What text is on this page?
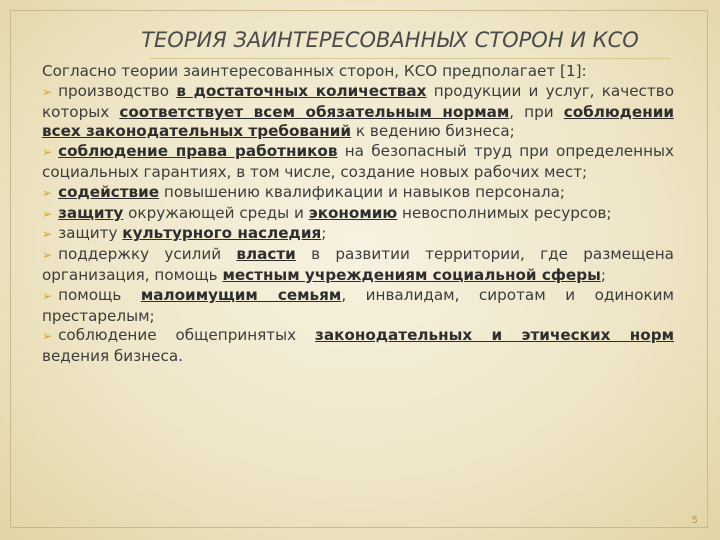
ТЕОРИЯ ЗАИНТЕРЕСОВАННЫХ СТОРОН И КСО

Согласно теории заинтересованных сторон, КСО предполагает [1]:

➢ производство в достаточных количествах продукции и услуг, качество которых соответствует всем обязательным нормам, при соблюдении всех законодательных требований к ведению бизнеса;

➢ соблюдение права работников на безопасный труд при определенных социальных гарантиях, в том числе, создание новых рабочих мест;

➢ содействие повышению квалификации и навыков персонала;

➢ защиту окружающей среды и экономию невосполнимых ресурсов;

➢ защиту культурного наследия;

➢ поддержку усилий власти в развитии территории, где размещена организация, помощь местным учреждениям социальной сферы;

➢ помощь малоимущим семьям, инвалидам, сиротам и одиноким престарелым;

➢ соблюдение общепринятых законодательных и этических норм ведения бизнеса.

5
